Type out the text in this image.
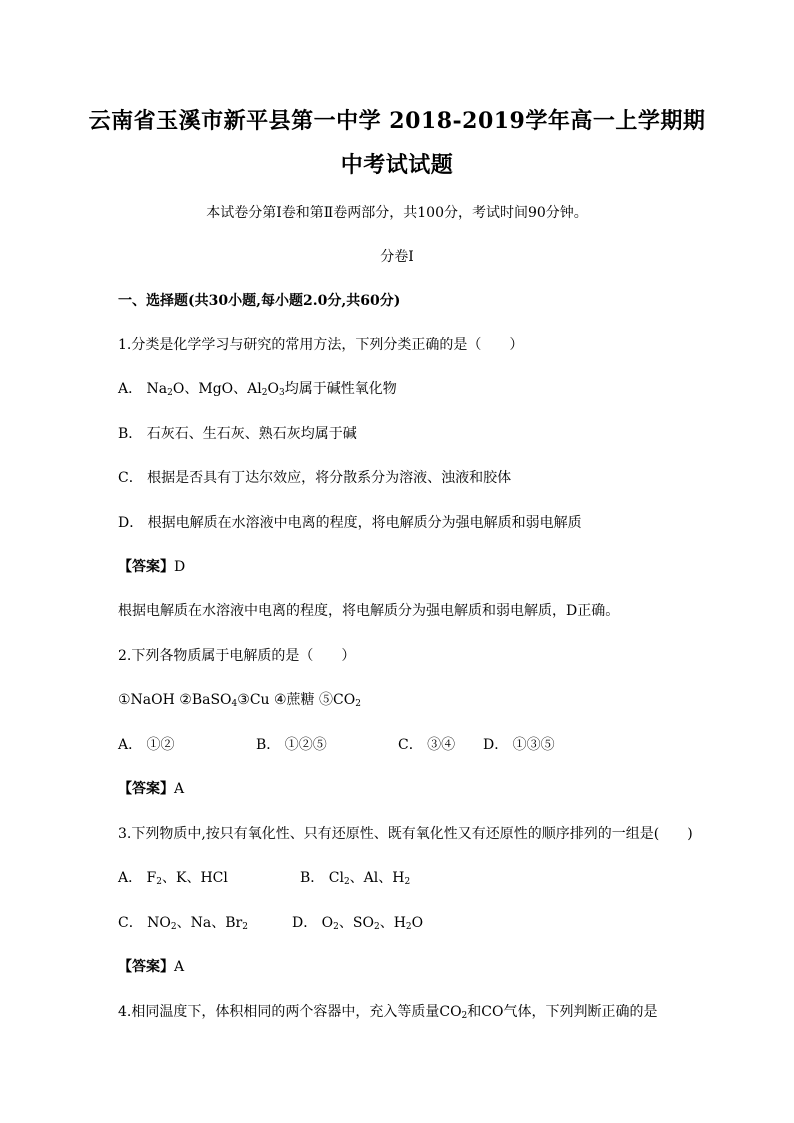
云南省玉溪市新平县第一中学 2018-2019学年高一上学期期
中考试试题
本试卷分第Ⅰ卷和第Ⅱ卷两部分，共100分，考试时间90分钟。
分卷I
一、选择题(共30小题,每小题2.0分,共60分)
1.分类是化学学习与研究的常用方法，下列分类正确的是（　　）
A． $Na_2O$、MgO、$Al_2O_3$均属于碱性氧化物
B． 石灰石、生石灰、熟石灰均属于碱
C． 根据是否具有丁达尔效应，将分散系分为溶液、浊液和胶体
D． 根据电解质在水溶液中电离的程度，将电解质分为强电解质和弱电解质
【答案】D
根据电解质在水溶液中电离的程度，将电解质分为强电解质和弱电解质，D正确。
2.下列各物质属于电解质的是（　　）
①NaOH ②BaSO$_4$③Cu ④蔗糖 $⑤CO_2$
A． ①②	B． ①②⑤	C． ③④ D． ①③⑤
【答案】A
3.下列物质中,按只有氧化性、只有还原性、既有氧化性又有还原性的顺序排列的一组是(　　)
A． $F_2$、K、HCl	B． $Cl_2$、Al、$H_2$
C． $NO_2$、Na、$Br_2$	D． $O_2$、$SO_2$、$H_2O$
【答案】A
4.相同温度下，体积相同的两个容器中，充入等质量$CO_2$和CO气体，下列判断正确的是
